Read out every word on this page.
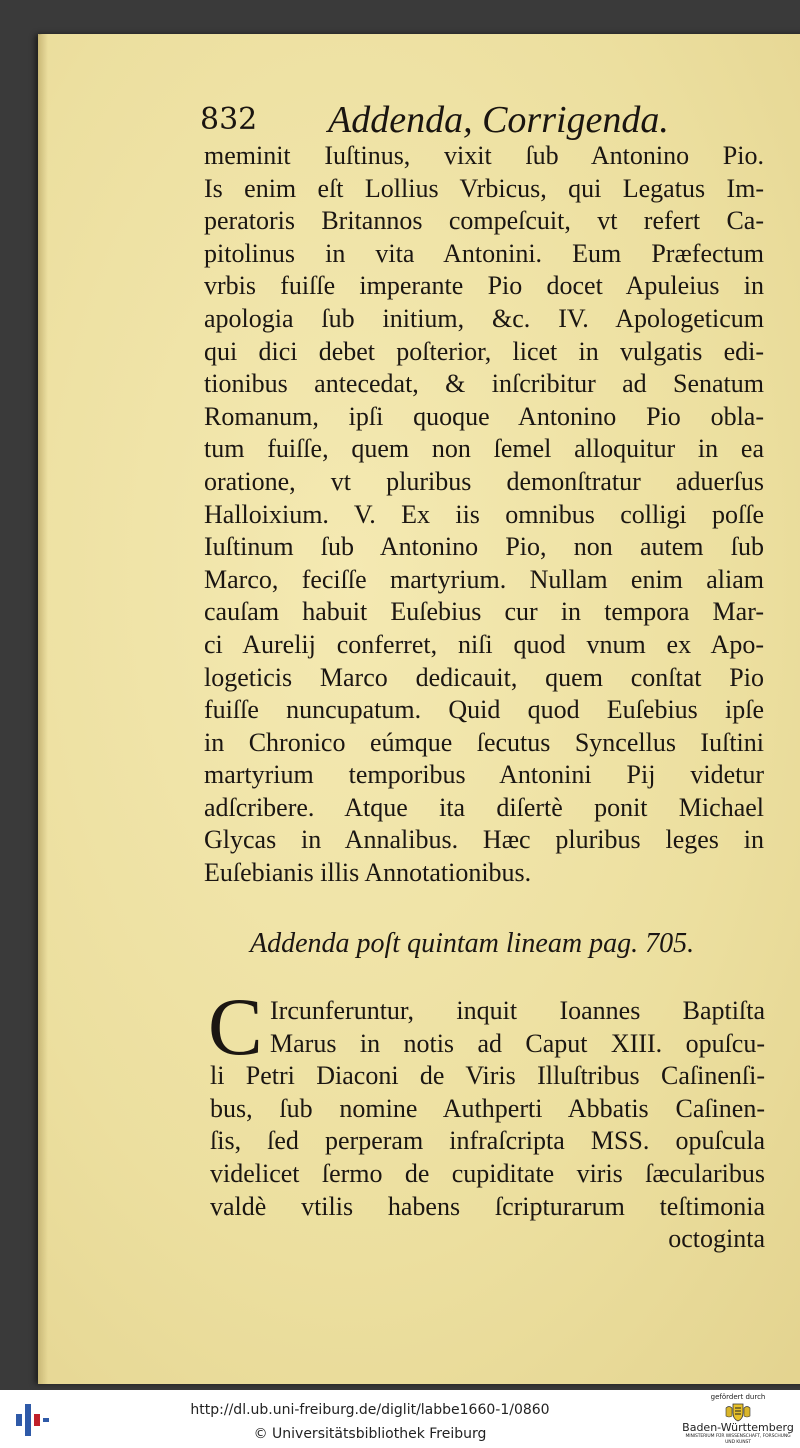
832 Addenda, Corrigenda.
meminit Iuſtinus, vixit ſub Antonino Pio.
Is enim eſt Lollius Vrbicus, qui Legatus Im-
peratoris Britannos compeſcuit, vt refert Ca-
pitolinus in vita Antonini. Eum Præfectum
vrbis fuiſſe imperante Pio docet Apuleius in
apologia ſub initium, &c. IV. Apologeticum
qui dici debet poſterior, licet in vulgatis edi-
tionibus antecedat, & inſcribitur ad Senatum
Romanum, ipſi quoque Antonino Pio obla-
tum fuiſſe, quem non ſemel alloquitur in ea
oratione, vt pluribus demonſtratur aduerſus
Halloixium. V. Ex iis omnibus colligi poſſe
Iuſtinum ſub Antonino Pio, non autem ſub
Marco, feciſſe martyrium. Nullam enim aliam
cauſam habuit Euſebius cur in tempora Mar-
ci Aurelij conferret, niſi quod vnum ex Apo-
logeticis Marco dedicauit, quem conſtat Pio
fuiſſe nuncupatum. Quid quod Euſebius ipſe
in Chronico eúmque ſecutus Syncellus Iuſtini
martyrium temporibus Antonini Pij videtur
adſcribere. Atque ita diſertè ponit Michael
Glycas in Annalibus. Hæc pluribus leges in
Euſebianis illis Annotationibus.
Addenda poſt quintam lineam pag. 705.
C Ircunferuntur, inquit Ioannes Baptiſta
Marus in notis ad Caput XIII. opuſcu-
li Petri Diaconi de Viris Illuſtribus Caſinenſi-
bus, ſub nomine Authperti Abbatis Caſinen-
ſis, ſed perperam infraſcripta MSS. opuſcula
videlicet ſermo de cupiditate viris ſæcularibus
valdè vtilis habens ſcripturarum teſtimonia
octoginta
http://dl.ub.uni-freiburg.de/diglit/labbe1660-1/0860
© Universitätsbibliothek Freiburg
gefördert durch
Baden-Württemberg
MINISTERIUM FÜR WISSENSCHAFT, FORSCHUNG UND KUNST
